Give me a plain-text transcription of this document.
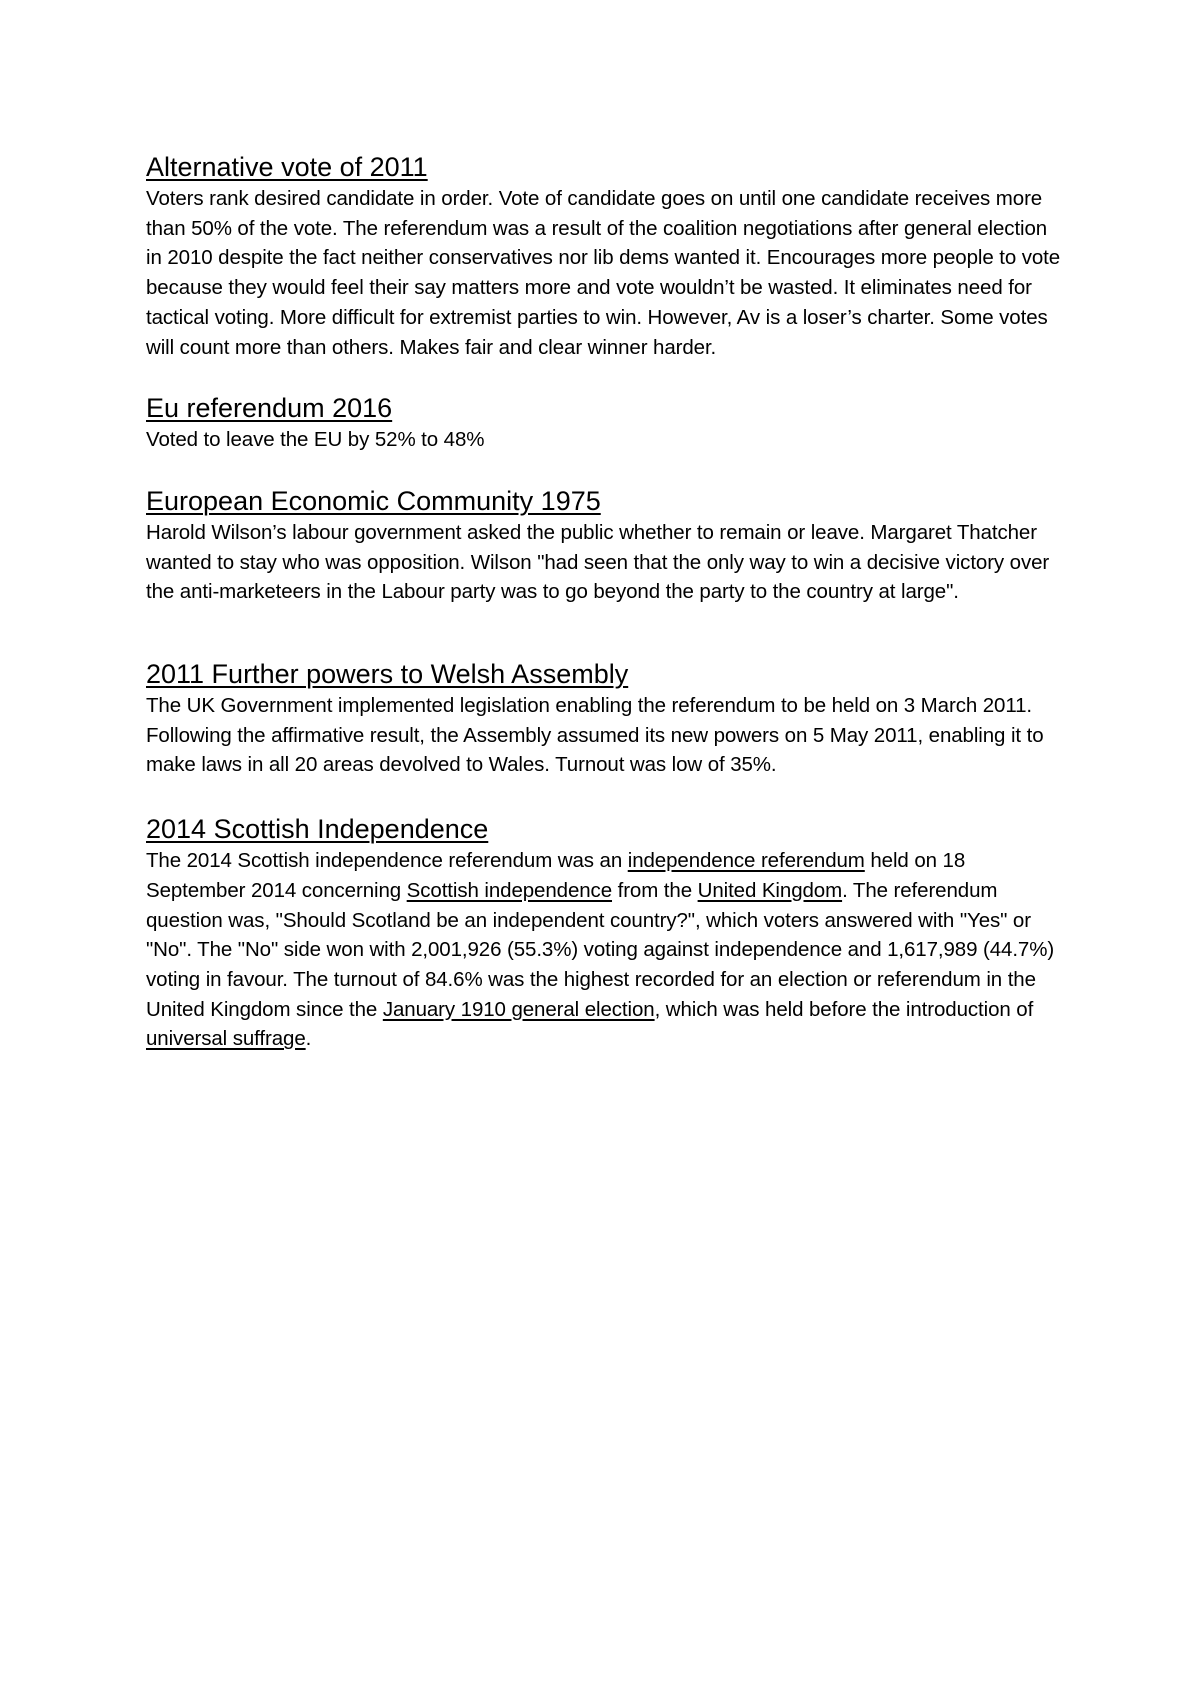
Alternative vote of 2011

Voters rank desired candidate in order. Vote of candidate goes on until one candidate receives more than 50% of the vote. The referendum was a result of the coalition negotiations after general election in 2010 despite the fact neither conservatives nor lib dems wanted it. Encourages more people to vote because they would feel their say matters more and vote wouldn’t be wasted. It eliminates need for tactical voting. More difficult for extremist parties to win. However, Av is a loser’s charter. Some votes will count more than others. Makes fair and clear winner harder.

Eu referendum 2016

Voted to leave the EU by 52% to 48%

European Economic Community 1975

Harold Wilson’s labour government asked the public whether to remain or leave. Margaret Thatcher wanted to stay who was opposition. Wilson "had seen that the only way to win a decisive victory over the anti-marketeers in the Labour party was to go beyond the party to the country at large".

2011 Further powers to Welsh Assembly

The UK Government implemented legislation enabling the referendum to be held on 3 March 2011. Following the affirmative result, the Assembly assumed its new powers on 5 May 2011, enabling it to make laws in all 20 areas devolved to Wales. Turnout was low of 35%.

2014 Scottish Independence

The 2014 Scottish independence referendum was an independence referendum held on 18 September 2014 concerning Scottish independence from the United Kingdom. The referendum question was, "Should Scotland be an independent country?", which voters answered with "Yes" or "No". The "No" side won with 2,001,926 (55.3%) voting against independence and 1,617,989 (44.7%) voting in favour. The turnout of 84.6% was the highest recorded for an election or referendum in the United Kingdom since the January 1910 general election, which was held before the introduction of universal suffrage.
